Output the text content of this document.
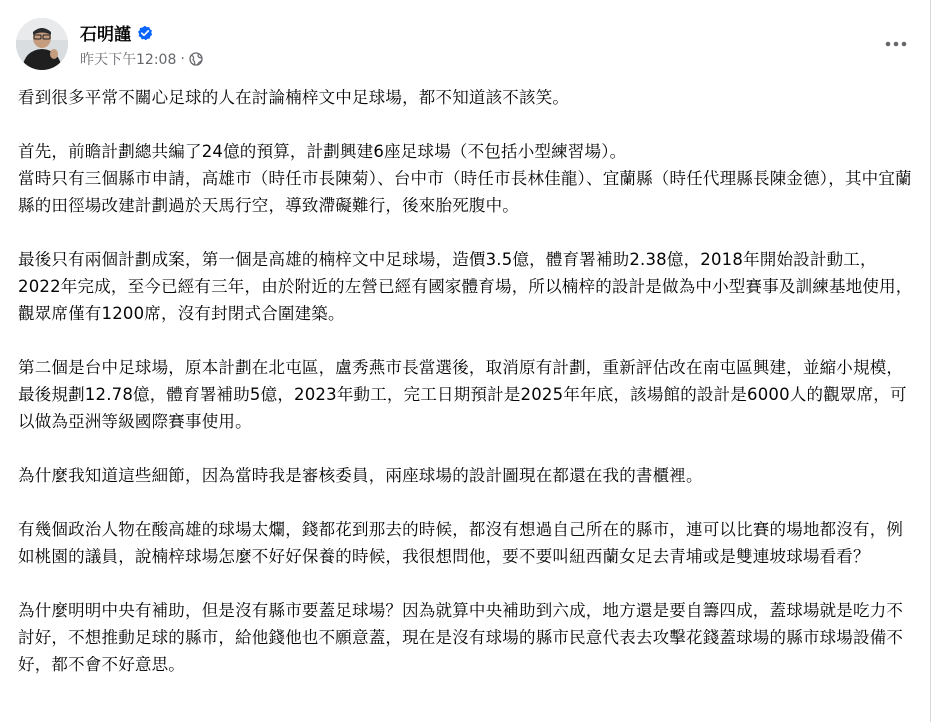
石明謹
昨天下午12:08 ·

看到很多平常不關心足球的人在討論楠梓文中足球場，都不知道該不該笑。

首先，前瞻計劃總共編了24億的預算，計劃興建6座足球場（不包括小型練習場）。
當時只有三個縣市申請，高雄市（時任市長陳菊）、台中市（時任市長林佳龍）、宜蘭縣（時任代理縣長陳金德），其中宜蘭縣的田徑場改建計劃過於天馬行空，導致滯礙難行，後來胎死腹中。

最後只有兩個計劃成案，第一個是高雄的楠梓文中足球場，造價3.5億，體育署補助2.38億，2018年開始設計動工，2022年完成，至今已經有三年，由於附近的左營已經有國家體育場，所以楠梓的設計是做為中小型賽事及訓練基地使用，觀眾席僅有1200席，沒有封閉式合圍建築。

第二個是台中足球場，原本計劃在北屯區，盧秀燕市長當選後，取消原有計劃，重新評估改在南屯區興建，並縮小規模，最後規劃12.78億，體育署補助5億，2023年動工，完工日期預計是2025年年底，該場館的設計是6000人的觀眾席，可以做為亞洲等級國際賽事使用。

為什麼我知道這些細節，因為當時我是審核委員，兩座球場的設計圖現在都還在我的書櫃裡。

有幾個政治人物在酸高雄的球場太爛，錢都花到那去的時候，都沒有想過自己所在的縣市，連可以比賽的場地都沒有，例如桃園的議員，說楠梓球場怎麼不好好保養的時候，我很想問他，要不要叫紐西蘭女足去青埔或是雙連坡球場看看？

為什麼明明中央有補助，但是沒有縣市要蓋足球場？因為就算中央補助到六成，地方還是要自籌四成，蓋球場就是吃力不討好，不想推動足球的縣市，給他錢他也不願意蓋，現在是沒有球場的縣市民意代表去攻擊花錢蓋球場的縣市球場設備不好，都不會不好意思。
